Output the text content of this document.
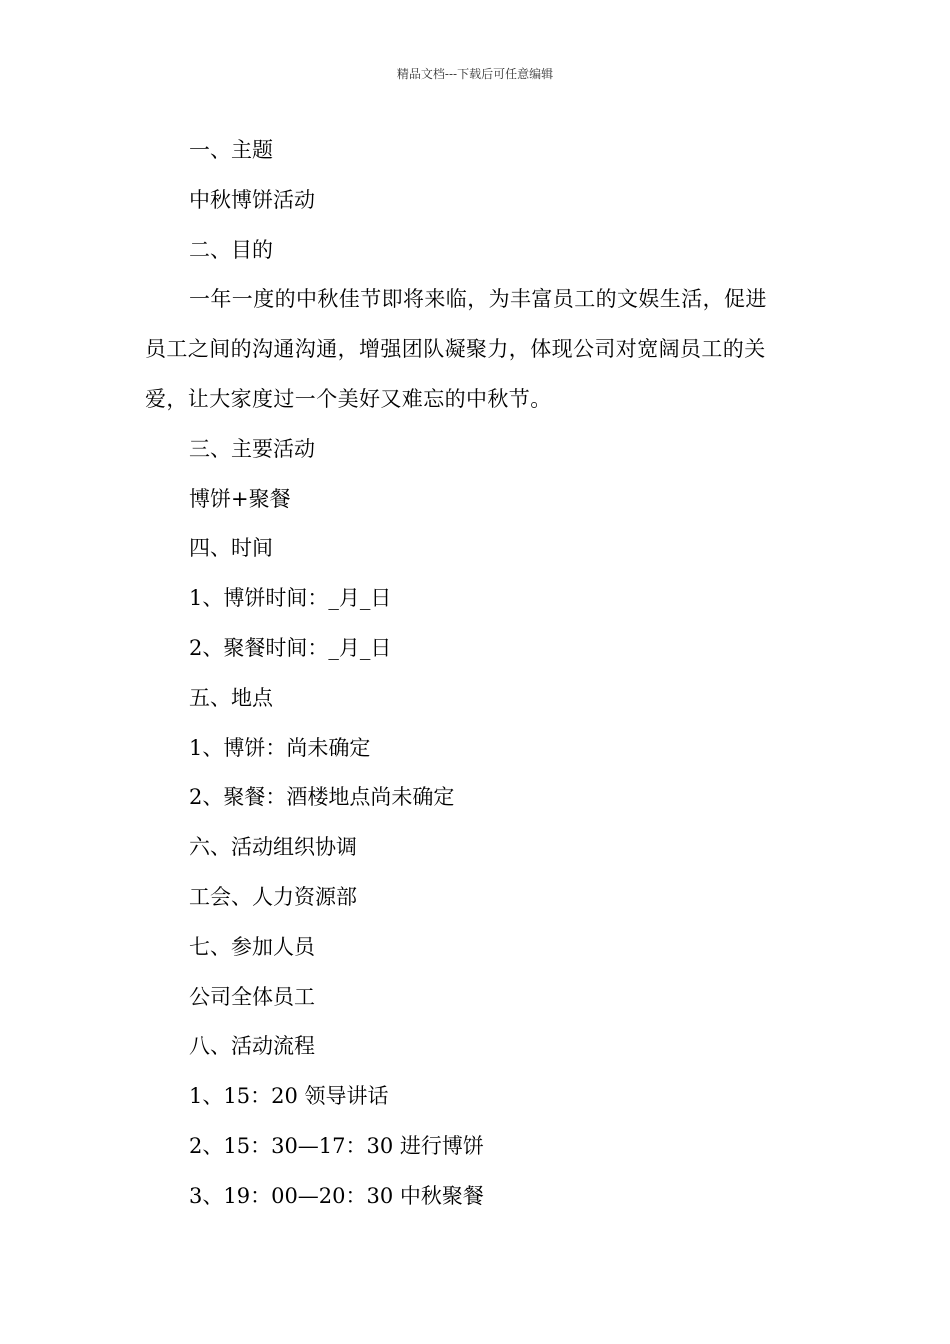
精品文档---下载后可任意编辑

一、主题

中秋博饼活动

二、目的

一年一度的中秋佳节即将来临，为丰富员工的文娱生活，促进
员工之间的沟通沟通，增强团队凝聚力，体现公司对宽阔员工的关
爱，让大家度过一个美好又难忘的中秋节。

三、主要活动

博饼+聚餐

四、时间

1、博饼时间：_月_日

2、聚餐时间：_月_日

五、地点

1、博饼：尚未确定

2、聚餐：酒楼地点尚未确定

六、活动组织协调

工会、人力资源部

七、参加人员

公司全体员工

八、活动流程

1、15：20 领导讲话

2、15：30—17：30 进行博饼

3、19：00—20：30 中秋聚餐
